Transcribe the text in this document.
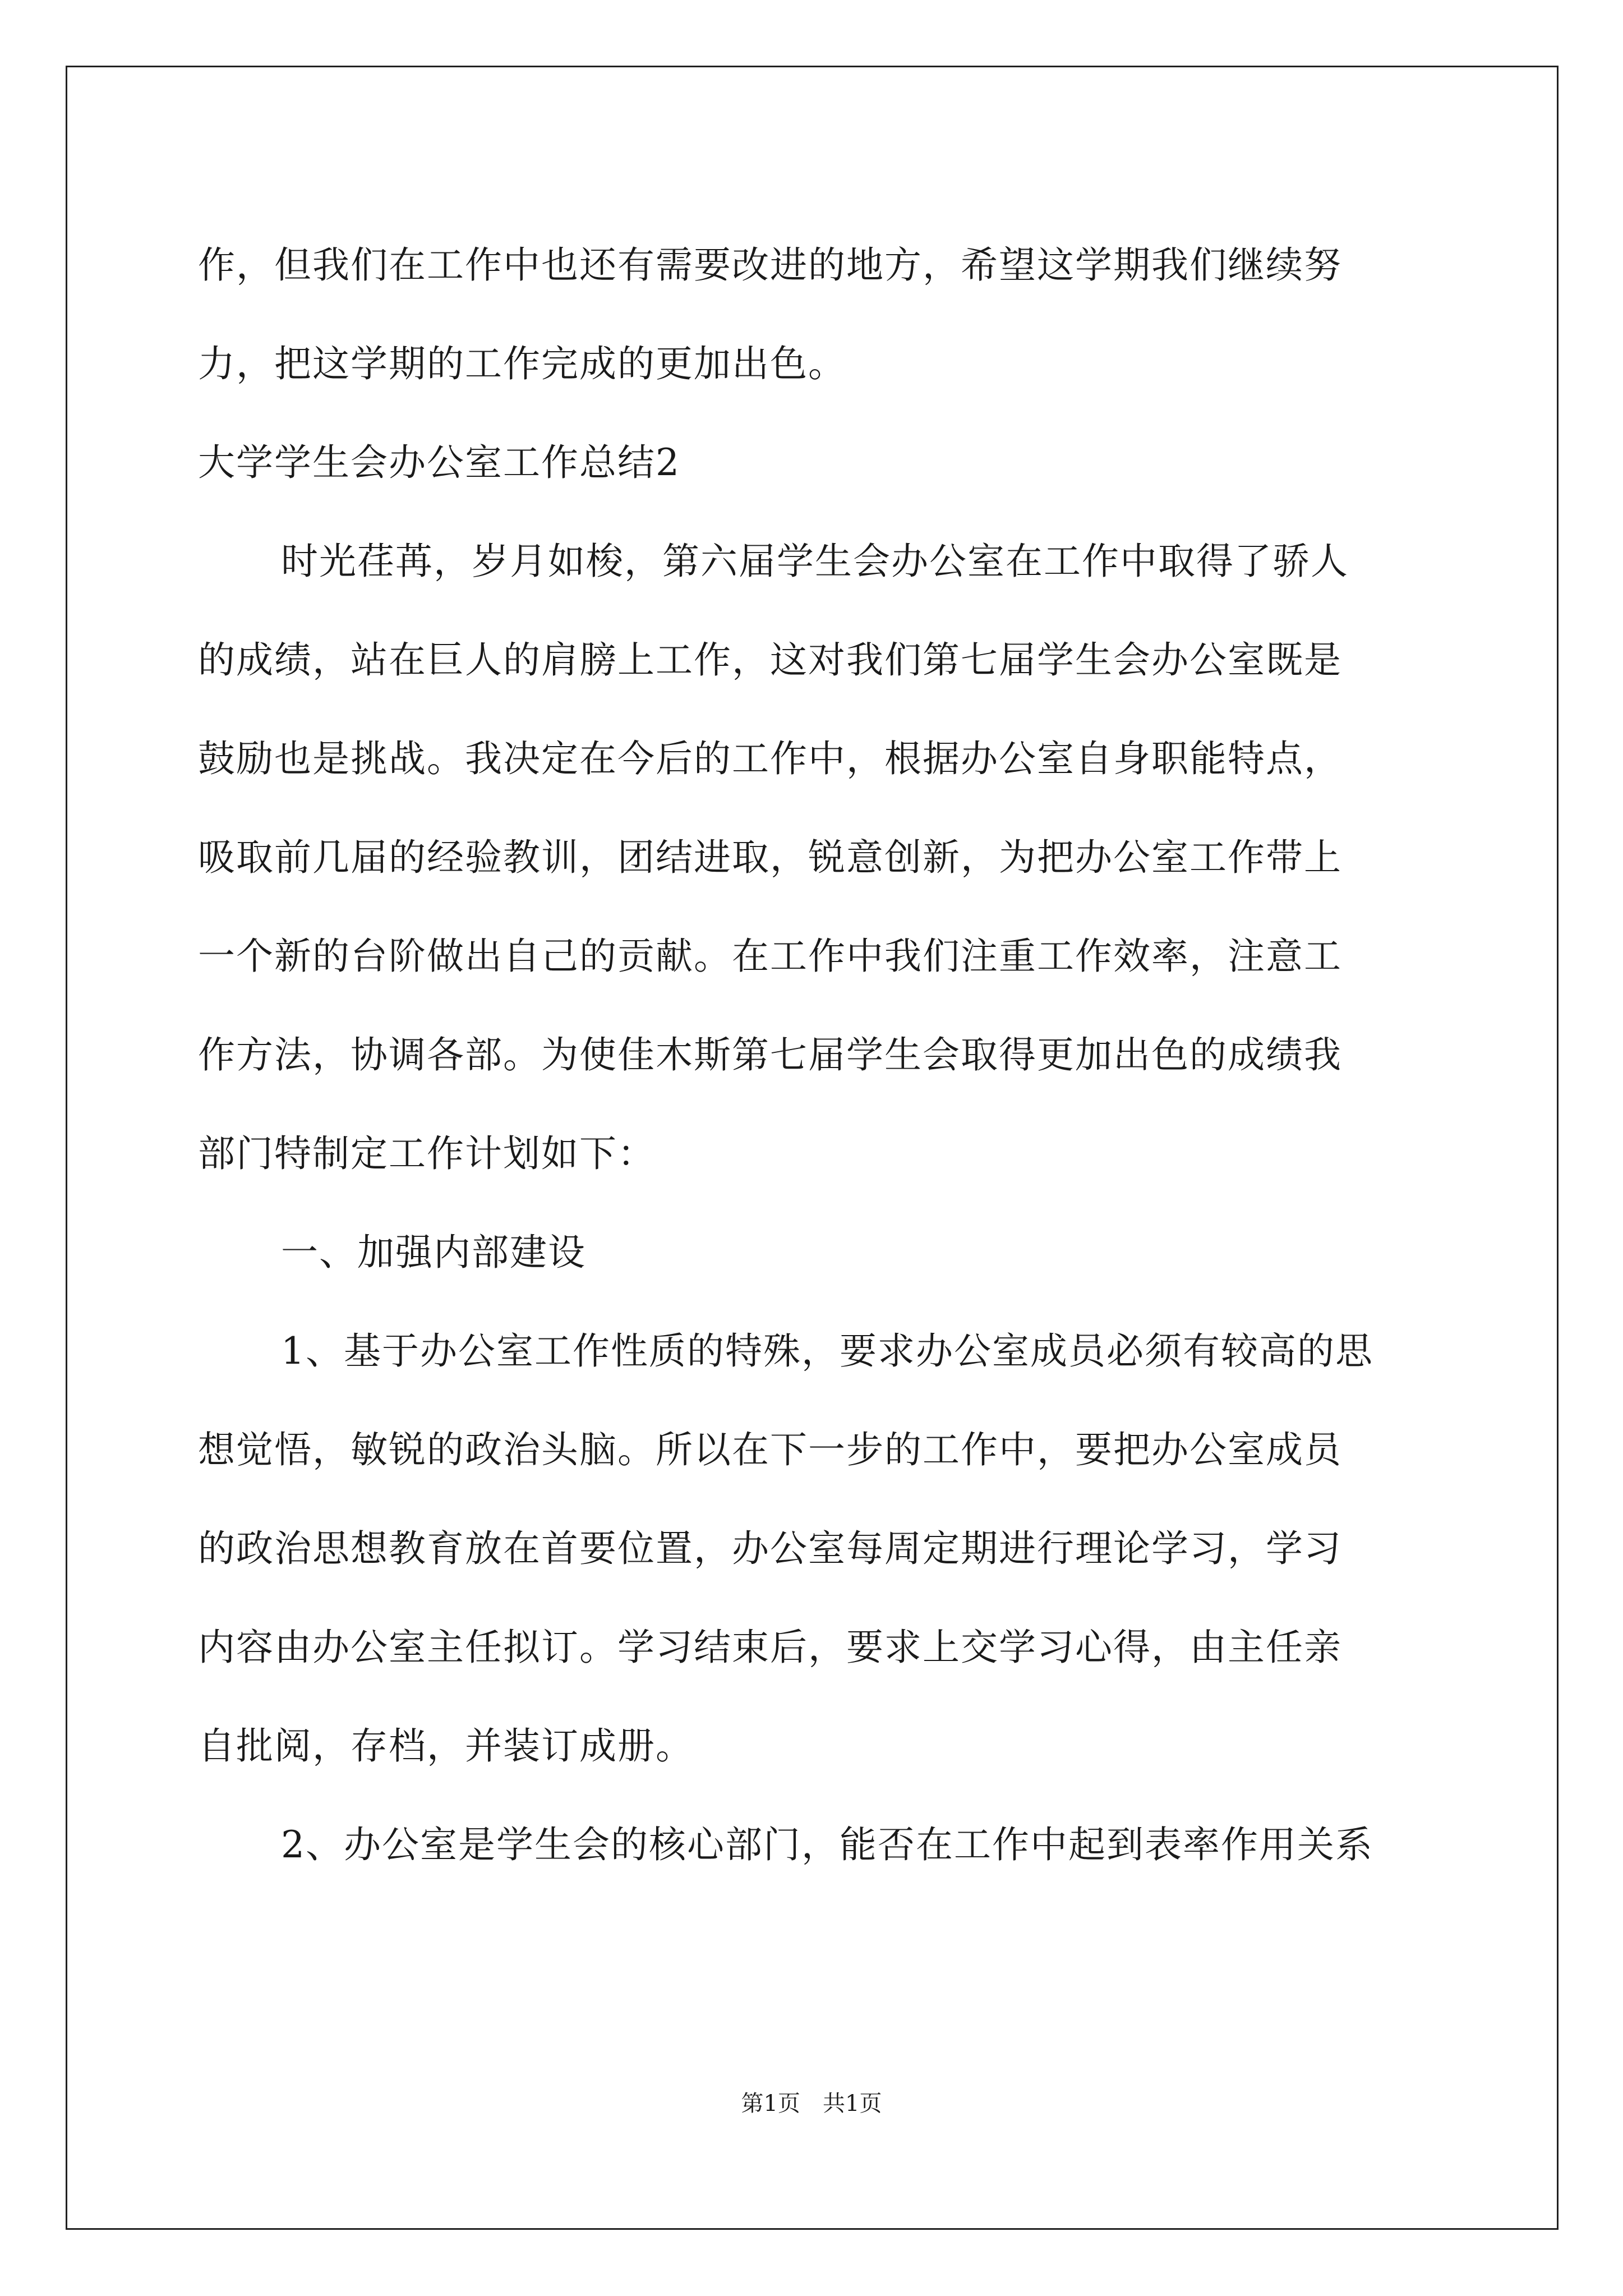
作，但我们在工作中也还有需要改进的地方，希望这学期我们继续努
力，把这学期的工作完成的更加出色。
大学学生会办公室工作总结2
时光荏苒，岁月如梭，第六届学生会办公室在工作中取得了骄人
的成绩，站在巨人的肩膀上工作，这对我们第七届学生会办公室既是
鼓励也是挑战。我决定在今后的工作中，根据办公室自身职能特点，
吸取前几届的经验教训，团结进取，锐意创新，为把办公室工作带上
一个新的台阶做出自己的贡献。在工作中我们注重工作效率，注意工
作方法，协调各部。为使佳木斯第七届学生会取得更加出色的成绩我
部门特制定工作计划如下：
一、加强内部建设
1、基于办公室工作性质的特殊，要求办公室成员必须有较高的思
想觉悟，敏锐的政治头脑。所以在下一步的工作中，要把办公室成员
的政治思想教育放在首要位置，办公室每周定期进行理论学习，学习
内容由办公室主任拟订。学习结束后，要求上交学习心得，由主任亲
自批阅，存档，并装订成册。
2、办公室是学生会的核心部门，能否在工作中起到表率作用关系
第1页　共1页
